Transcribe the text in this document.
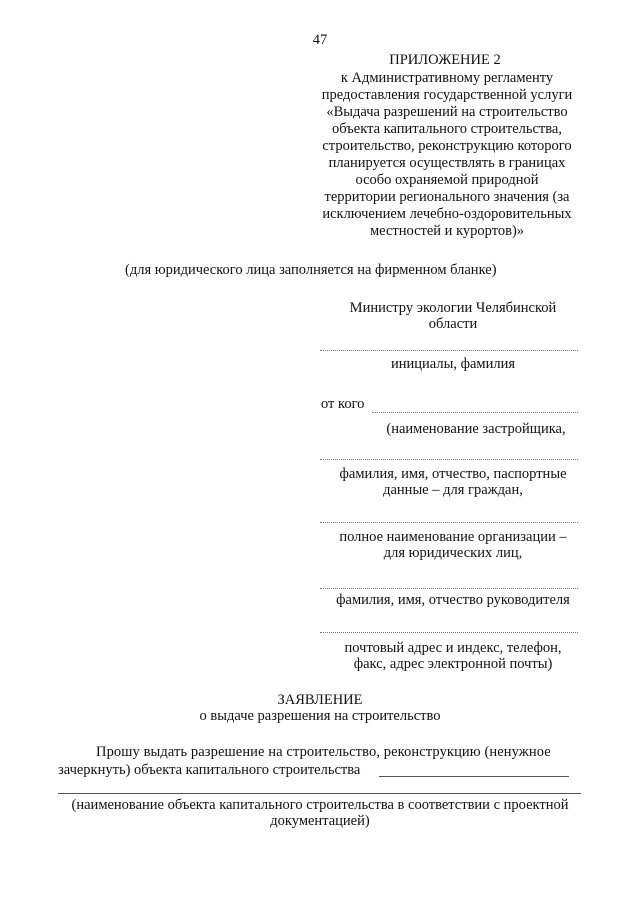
47
ПРИЛОЖЕНИЕ 2
к Административному регламенту
предоставления государственной услуги
«Выдача разрешений на строительство
объекта капитального строительства,
строительство, реконструкцию которого
планируется осуществлять в границах
особо охраняемой природной
территории регионального значения (за
исключением лечебно-оздоровительных
местностей и курортов)»
(для юридического лица заполняется на фирменном бланке)
Министру экологии Челябинской
области
инициалы, фамилия
от кого
(наименование застройщика,
фамилия, имя, отчество, паспортные
данные – для граждан,
полное наименование организации –
для юридических лиц,
фамилия, имя, отчество руководителя
почтовый адрес и индекс, телефон,
факс, адрес электронной почты)
ЗАЯВЛЕНИЕ
о выдаче разрешения на строительство
Прошу выдать разрешение на строительство, реконструкцию (ненужное
зачеркнуть) объекта капитального строительства
(наименование объекта капитального строительства в соответствии с проектной
документацией)
